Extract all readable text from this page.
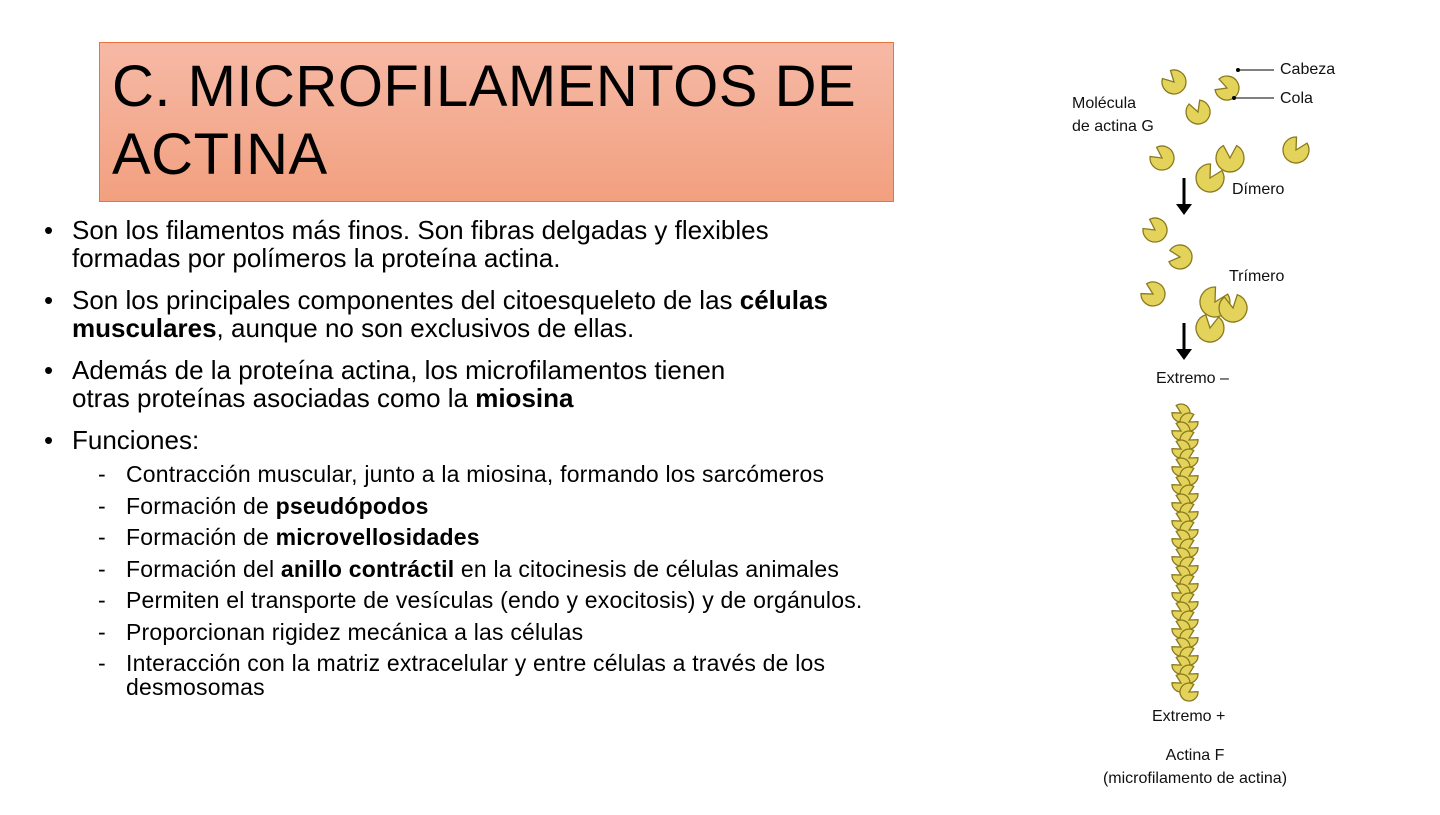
C. MICROFILAMENTOS DE
ACTINA
• Son los filamentos más finos. Son fibras delgadas y flexibles
formadas por polímeros la proteína actina.
• Son los principales componentes del citoesqueleto de las células
musculares, aunque no son exclusivos de ellas.
• Además de la proteína actina, los microfilamentos tienen
otras proteínas asociadas como la miosina
• Funciones:
- Contracción muscular, junto a la miosina, formando los sarcómeros
- Formación de pseudópodos
- Formación de microvellosidades
- Formación del anillo contráctil en la citocinesis de células animales
- Permiten el transporte de vesículas (endo y exocitosis) y de orgánulos.
- Proporcionan rigidez mecánica a las células
- Interacción con la matriz extracelular y entre células a través de los
desmosomas
Cabeza
Cola
Molécula
de actina G
Dímero
Trímero
Extremo –
Extremo +
Actina F
(microfilamento de actina)
